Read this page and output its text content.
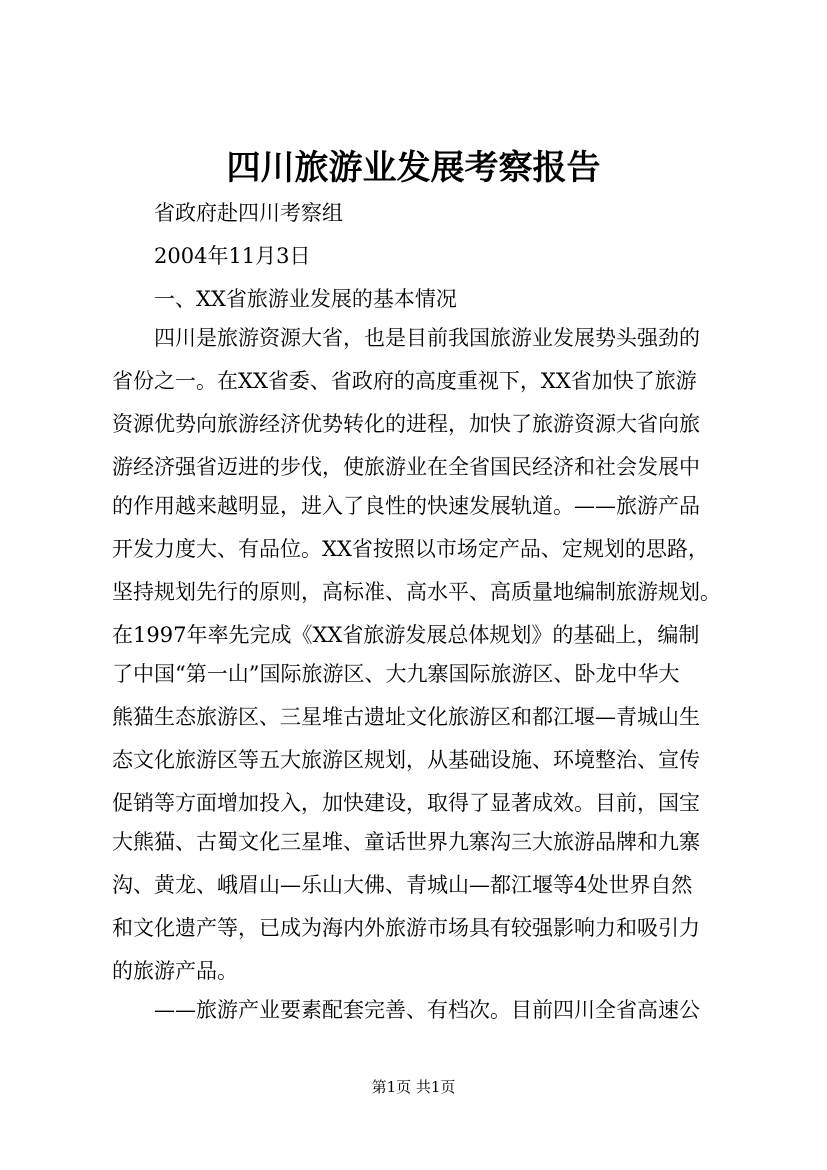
四川旅游业发展考察报告
省政府赴四川考察组
2004年11月3日
一、XX省旅游业发展的基本情况
四川是旅游资源大省，也是目前我国旅游业发展势头强劲的
省份之一。在XX省委、省政府的高度重视下，XX省加快了旅游
资源优势向旅游经济优势转化的进程，加快了旅游资源大省向旅
游经济强省迈进的步伐，使旅游业在全省国民经济和社会发展中
的作用越来越明显，进入了良性的快速发展轨道。——旅游产品
开发力度大、有品位。XX省按照以市场定产品、定规划的思路，
坚持规划先行的原则，高标准、高水平、高质量地编制旅游规划。
在1997年率先完成《XX省旅游发展总体规划》的基础上，编制
了中国“第一山”国际旅游区、大九寨国际旅游区、卧龙中华大
熊猫生态旅游区、三星堆古遗址文化旅游区和都江堰—青城山生
态文化旅游区等五大旅游区规划，从基础设施、环境整治、宣传
促销等方面增加投入，加快建设，取得了显著成效。目前，国宝
大熊猫、古蜀文化三星堆、童话世界九寨沟三大旅游品牌和九寨
沟、黄龙、峨眉山—乐山大佛、青城山—都江堰等4处世界自然
和文化遗产等，已成为海内外旅游市场具有较强影响力和吸引力
的旅游产品。
——旅游产业要素配套完善、有档次。目前四川全省高速公
第1页 共1页
